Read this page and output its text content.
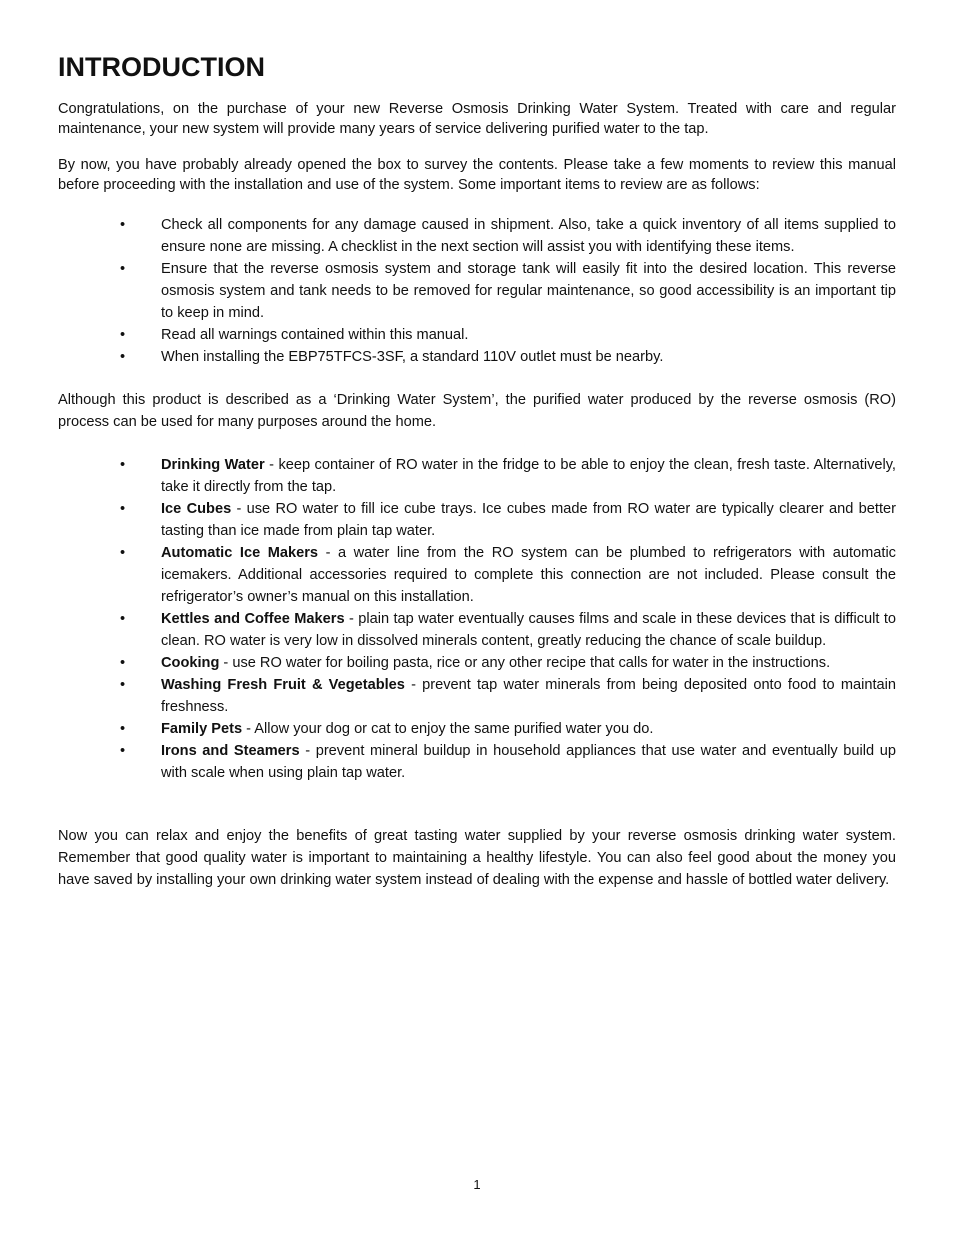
INTRODUCTION

Congratulations, on the purchase of your new Reverse Osmosis Drinking Water System. Treated with care and regular maintenance, your new system will provide many years of service delivering purified water to the tap.

By now, you have probably already opened the box to survey the contents. Please take a few moments to review this manual before proceeding with the installation and use of the system. Some important items to review are as follows:

•	Check all components for any damage caused in shipment. Also, take a quick inventory of all items supplied to ensure none are missing. A checklist in the next section will assist you with identifying these items.
•	Ensure that the reverse osmosis system and storage tank will easily fit into the desired location. This reverse osmosis system and tank needs to be removed for regular maintenance, so good accessibility is an important tip to keep in mind.
•	Read all warnings contained within this manual.
•	When installing the EBP75TFCS-3SF, a standard 110V outlet must be nearby.

Although this product is described as a ‘Drinking Water System’, the purified water produced by the reverse osmosis (RO) process can be used for many purposes around the home.

•	Drinking Water - keep container of RO water in the fridge to be able to enjoy the clean, fresh taste. Alternatively, take it directly from the tap.
•	Ice Cubes - use RO water to fill ice cube trays. Ice cubes made from RO water are typically clearer and better tasting than ice made from plain tap water.
•	Automatic Ice Makers - a water line from the RO system can be plumbed to refrigerators with automatic icemakers. Additional accessories required to complete this connection are not included. Please consult the refrigerator’s owner’s manual on this installation.
•	Kettles and Coffee Makers - plain tap water eventually causes films and scale in these devices that is difficult to clean. RO water is very low in dissolved minerals content, greatly reducing the chance of scale buildup.
•	Cooking - use RO water for boiling pasta, rice or any other recipe that calls for water in the instructions.
•	Washing Fresh Fruit & Vegetables - prevent tap water minerals from being deposited onto food to maintain freshness.
•	Family Pets - Allow your dog or cat to enjoy the same purified water you do.
•	Irons and Steamers - prevent mineral buildup in household appliances that use water and eventually build up with scale when using plain tap water.

Now you can relax and enjoy the benefits of great tasting water supplied by your reverse osmosis drinking water system. Remember that good quality water is important to maintaining a healthy lifestyle. You can also feel good about the money you have saved by installing your own drinking water system instead of dealing with the expense and hassle of bottled water delivery.

1
